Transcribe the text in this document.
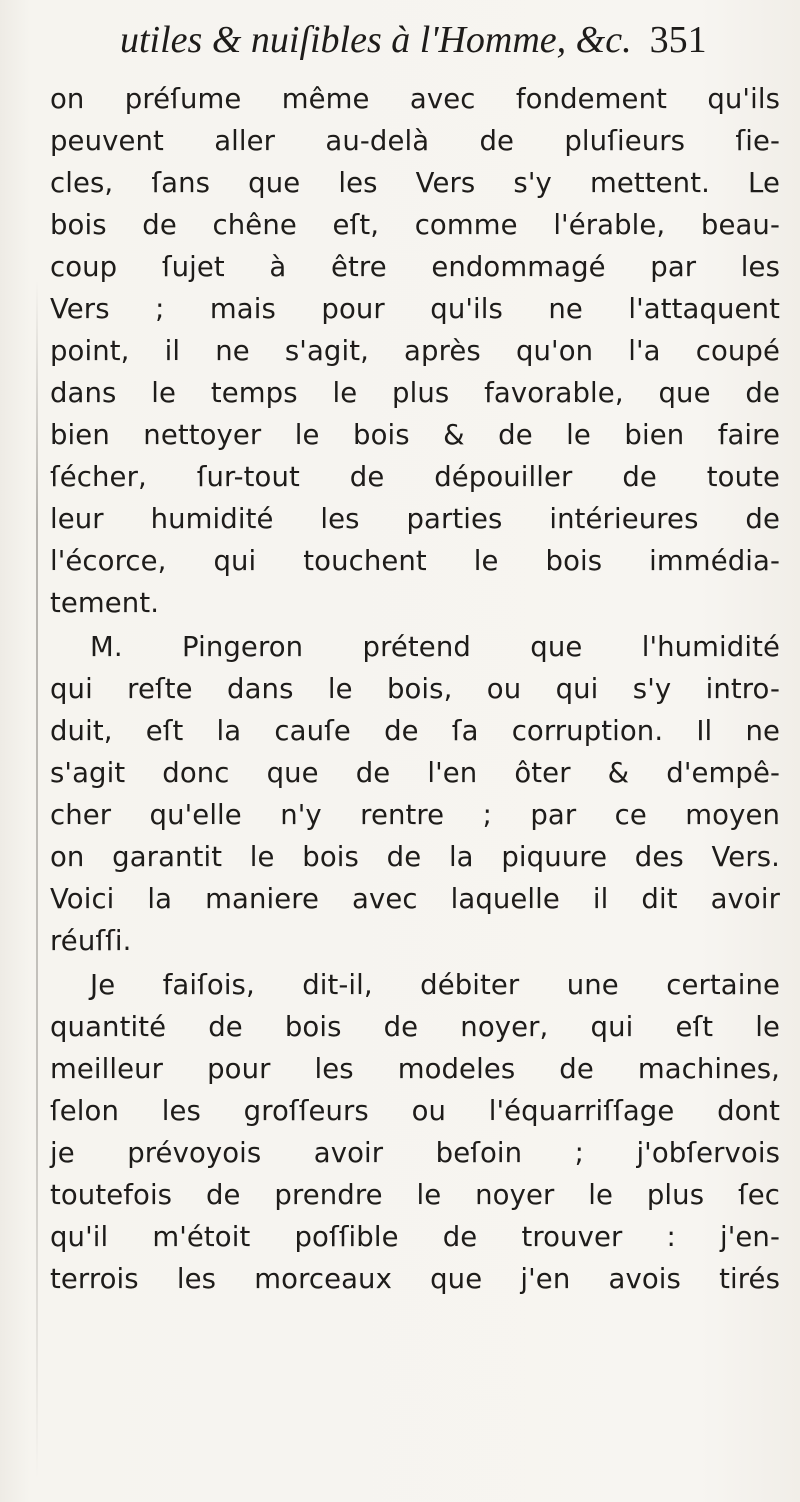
utiles & nuiſibles à l'Homme, &c. 351
on préſume même avec fondement qu'ils
peuvent aller au-delà de pluſieurs ſie-
cles, ſans que les Vers s'y mettent. Le
bois de chêne eſt, comme l'érable, beau-
coup ſujet à être endommagé par les
Vers ; mais pour qu'ils ne l'attaquent
point, il ne s'agit, après qu'on l'a coupé
dans le temps le plus favorable, que de
bien nettoyer le bois & de le bien faire
ſécher, ſur-tout de dépouiller de toute
leur humidité les parties intérieures de
l'écorce, qui touchent le bois immédia-
tement.
M. Pingeron prétend que l'humidité
qui reſte dans le bois, ou qui s'y intro-
duit, eſt la cauſe de ſa corruption. Il ne
s'agit donc que de l'en ôter & d'empê-
cher qu'elle n'y rentre ; par ce moyen
on garantit le bois de la piquure des Vers.
Voici la maniere avec laquelle il dit avoir
réuſſi.
Je faiſois, dit-il, débiter une certaine
quantité de bois de noyer, qui eſt le
meilleur pour les modeles de machines,
ſelon les groſſeurs ou l'équarriſſage dont
je prévoyois avoir beſoin ; j'obſervois
toutefois de prendre le noyer le plus ſec
qu'il m'étoit poſſible de trouver : j'en-
terrois les morceaux que j'en avois tirés
